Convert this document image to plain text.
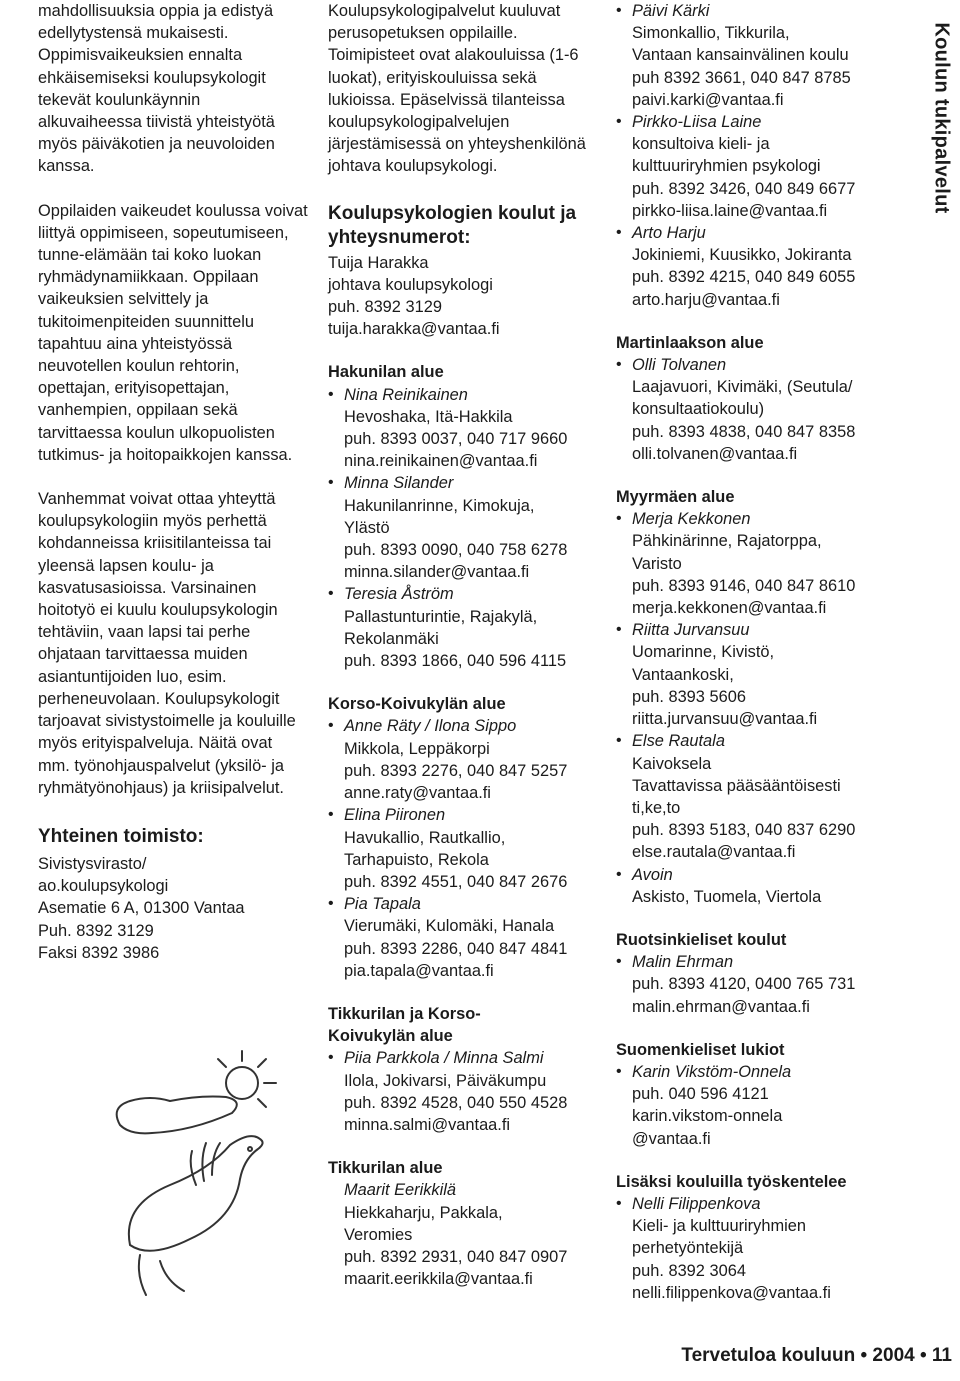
mahdollisuuksia oppia ja edistyä edellytystensä mukaisesti. Oppimisvaikeuksien ennalta ehkäisemiseksi koulupsykologit tekevät koulunkäynnin alkuvaiheessa tiivistä yhteistyötä myös päiväkotien ja neuvoloiden kanssa.

Oppilaiden vaikeudet koulussa voivat liittyä oppimiseen, sopeutumiseen, tunne-elämään tai koko luokan ryhmädynamiikkaan. Oppilaan vaikeuksien selvittely ja tukitoimenpiteiden suunnittelu tapahtuu aina yhteistyössä neuvotellen koulun rehtorin, opettajan, erityisopettajan, vanhempien, oppilaan sekä tarvittaessa koulun ulkopuolisten tutkimus- ja hoitopaikkojen kanssa.

Vanhemmat voivat ottaa yhteyttä koulupsykologiin myös perhettä kohdanneissa kriisitilanteissa tai yleensä lapsen koulu- ja kasvatusasioissa. Varsinainen hoitotyö ei kuulu koulupsykologin tehtäviin, vaan lapsi tai perhe ohjataan tarvittaessa muiden asiantuntijoiden luo, esim. perheneuvolaan. Koulupsykologit tarjoavat sivistystoimelle ja kouluille myös erityispalveluja. Näitä ovat mm. työnohjauspalvelut (yksilö- ja ryhmätyönohjaus) ja kriisipalvelut.

Yhteinen toimisto:
Sivistysvirasto/
ao.koulupsykologi
Asematie 6 A, 01300 Vantaa
Puh. 8392 3129
Faksi 8392 3986

Koulupsykologipalvelut kuuluvat perusopetuksen oppilaille. Toimipisteet ovat alakouluissa (1-6 luokat), erityiskouluissa sekä lukioissa. Epäselvissä tilanteissa koulupsykologipalvelujen järjestämisessä on yhteyshenkilönä johtava koulupsykologi.

Koulupsykologien koulut ja yhteysnumerot:
Tuija Harakka
johtava koulupsykologi
puh. 8392 3129
tuija.harakka@vantaa.fi
Hakunilan alue
• Nina Reinikainen
Hevoshaka, Itä-Hakkila
puh. 8393 0037, 040 717 9660
nina.reinikainen@vantaa.fi
• Minna Silander
Hakunilanrinne, Kimokuja,
Ylästö
puh. 8393 0090, 040 758 6278
minna.silander@vantaa.fi
• Teresia Åström
Pallastunturintie, Rajakylä,
Rekolanmäki
puh. 8393 1866, 040 596 4115
Korso-Koivukylän alue
• Anne Räty / Ilona Sippo
Mikkola, Leppäkorpi
puh. 8393 2276, 040 847 5257
anne.raty@vantaa.fi
• Elina Piironen
Havukallio, Rautkallio,
Tarhapuisto, Rekola
puh. 8392 4551, 040 847 2676
• Pia Tapala
Vierumäki, Kulomäki, Hanala
puh. 8393 2286, 040 847 4841
pia.tapala@vantaa.fi
Tikkurilan ja Korso-Koivukylän alue
• Piia Parkkola / Minna Salmi
Ilola, Jokivarsi, Päiväkumpu
puh. 8392 4528, 040 550 4528
minna.salmi@vantaa.fi
Tikkurilan alue
Maarit Eerikkilä
Hiekkaharju, Pakkala,
Veromies
puh. 8392 2931, 040 847 0907
maarit.eerikkila@vantaa.fi
• Päivi Kärki
Simonkallio, Tikkurila,
Vantaan kansainvälinen koulu
puh 8392 3661, 040 847 8785
paivi.karki@vantaa.fi
• Pirkko-Liisa Laine
konsultoiva kieli- ja
kulttuuriryhmien psykologi
puh. 8392 3426, 040 849 6677
pirkko-liisa.laine@vantaa.fi
• Arto Harju
Jokiniemi, Kuusikko, Jokiranta
puh. 8392 4215, 040 849 6055
arto.harju@vantaa.fi
Martinlaakson alue
• Olli Tolvanen
Laajavuori, Kivimäki, (Seutula/
konsultaatiokoulu)
puh. 8393 4838, 040 847 8358
olli.tolvanen@vantaa.fi
Myyrmäen alue
• Merja Kekkonen
Pähkinärinne, Rajatorppa,
Varisto
puh. 8393 9146, 040 847 8610
merja.kekkonen@vantaa.fi
• Riitta Jurvansuu
Uomarinne, Kivistö,
Vantaankoski,
puh. 8393 5606
riitta.jurvansuu@vantaa.fi
• Else Rautala
Kaivoksela
Tavattavissa pääsääntöisesti
ti,ke,to
puh. 8393 5183, 040 837 6290
else.rautala@vantaa.fi
• Avoin
Askisto, Tuomela, Viertola
Ruotsinkieliset koulut
• Malin Ehrman
puh. 8393 4120, 0400 765 731
malin.ehrman@vantaa.fi
Suomenkieliset lukiot
• Karin Vikstöm-Onnela
puh. 040 596 4121
karin.vikstom-onnela
@vantaa.fi
Lisäksi kouluilla työskentelee
• Nelli Filippenkova
Kieli- ja kulttuuriryhmien
perhetyöntekijä
puh. 8392 3064
nelli.filippenkova@vantaa.fi
Koulun tukipalvelut
Tervetuloa kouluun • 2004 • 11
